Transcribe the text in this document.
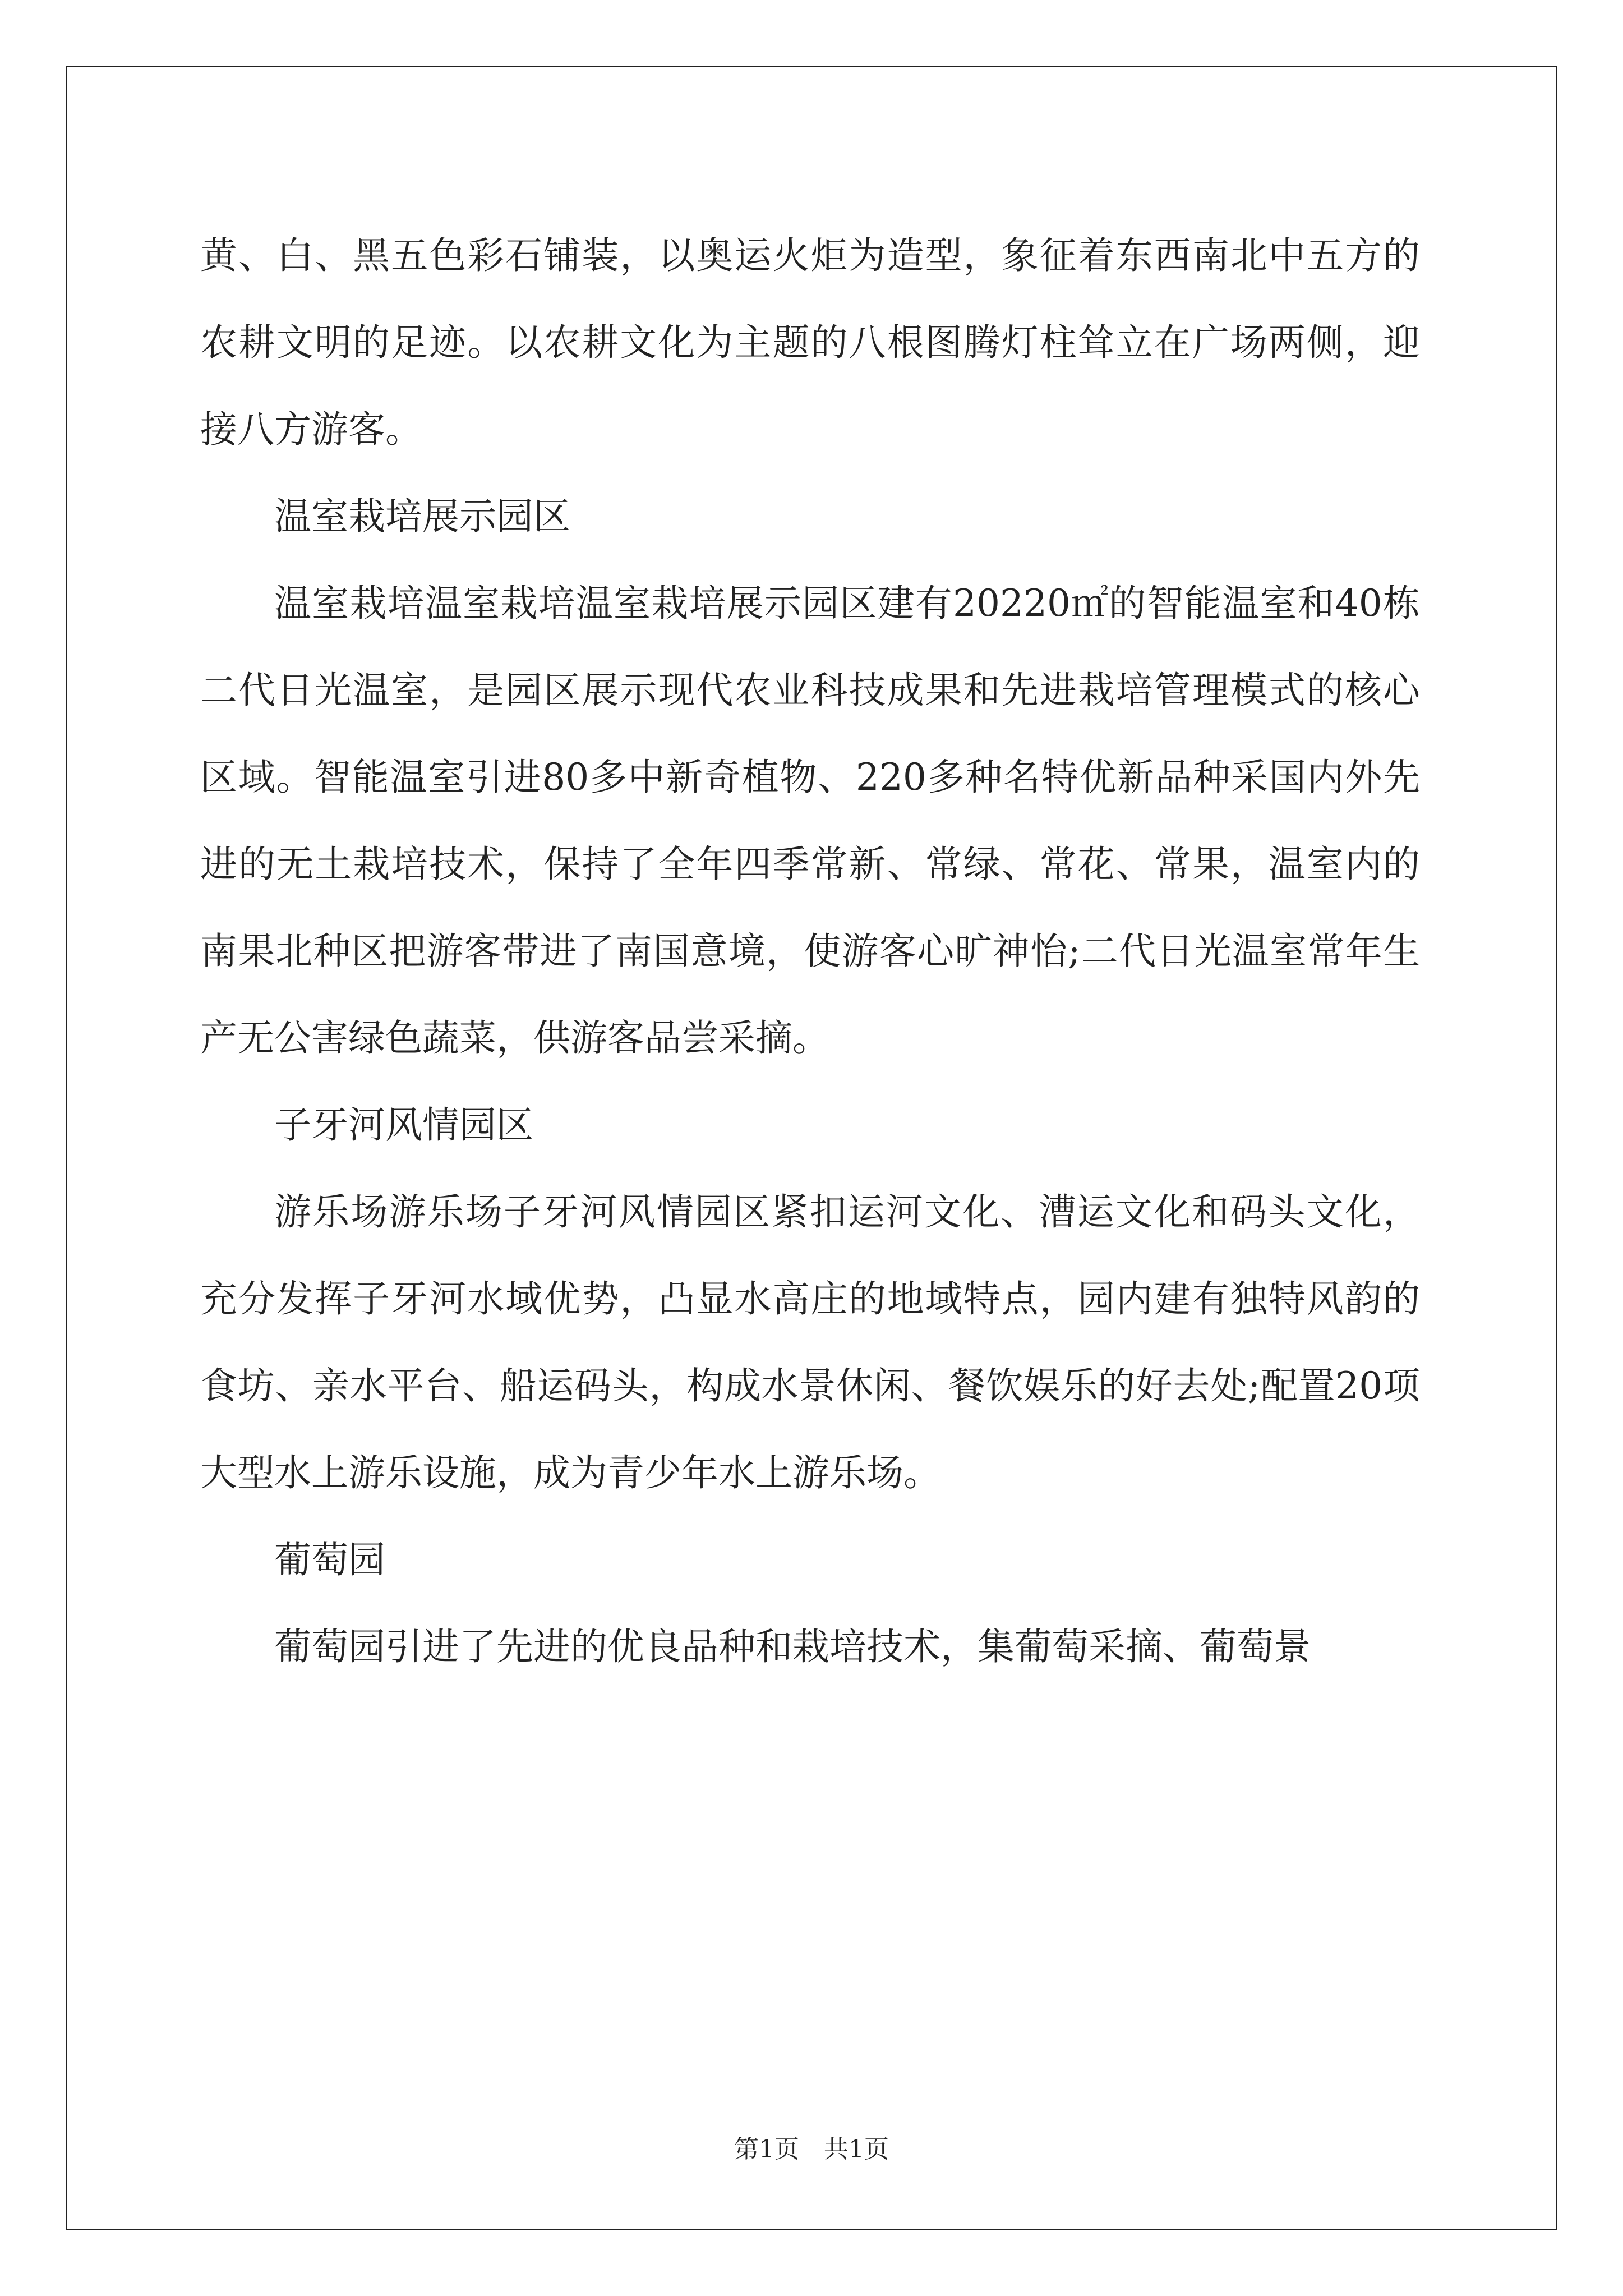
黄、白、黑五色彩石铺装，以奥运火炬为造型，象征着东西南北中五方的农耕文明的足迹。以农耕文化为主题的八根图腾灯柱耸立在广场两侧，迎接八方游客。

温室栽培展示园区

温室栽培温室栽培温室栽培展示园区建有20220㎡的智能温室和40栋二代日光温室，是园区展示现代农业科技成果和先进栽培管理模式的核心区域。智能温室引进80多中新奇植物、220多种名特优新品种采国内外先进的无土栽培技术，保持了全年四季常新、常绿、常花、常果，温室内的南果北种区把游客带进了南国意境，使游客心旷神怡;二代日光温室常年生产无公害绿色蔬菜，供游客品尝采摘。

子牙河风情园区

游乐场游乐场子牙河风情园区紧扣运河文化、漕运文化和码头文化，充分发挥子牙河水域优势，凸显水高庄的地域特点，园内建有独特风韵的食坊、亲水平台、船运码头，构成水景休闲、餐饮娱乐的好去处;配置20项大型水上游乐设施，成为青少年水上游乐场。

葡萄园

葡萄园引进了先进的优良品种和栽培技术，集葡萄采摘、葡萄景

第1页　共1页
